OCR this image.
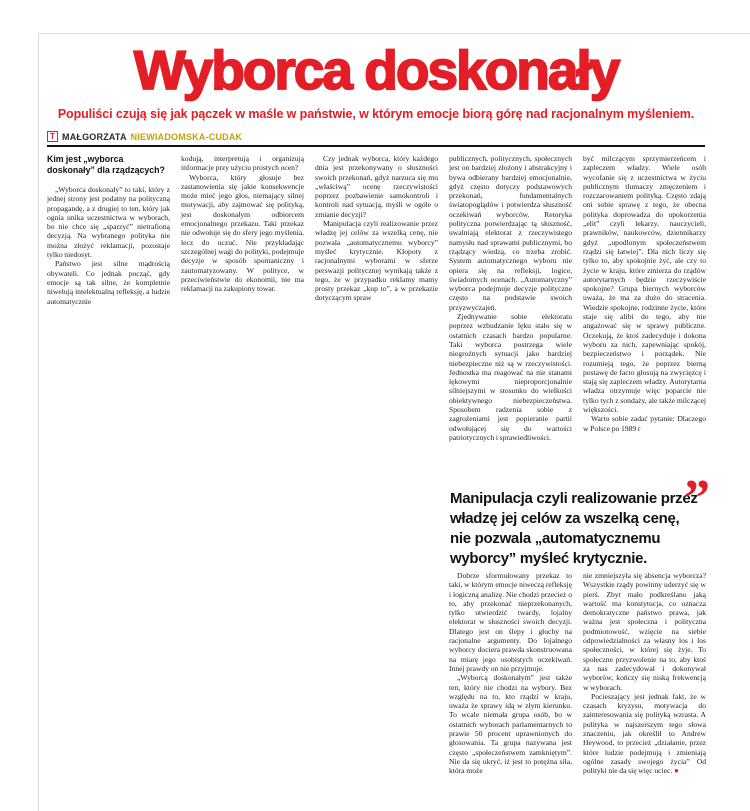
Wyborca doskonały

Populiści czują się jak pączek w maśle w państwie, w którym emocje biorą górę nad racjonalnym myśleniem.

T MAŁGORZATA NIEWIADOMSKA-CUDAK
Kim jest „wyborca doskonały” dla rządzących?

„Wyborca doskonały” to taki, który z jednej strony jest podatny na polityczną propagandę, a z drugiej to ten, który jak ognia unika uczestnictwa w wyborach, bo nie chce się „sparzyć” nietrafioną decyzją. Na wybranego polityka nie można złożyć reklamacji, pozostaje tylko niedosyt.

Państwo jest silne mądrością obywateli. Co jednak począć, gdy emocje są tak silne, że kompletnie niwelują intelektualną refleksję, a ludzie automatycznie

kodują, interpretują i organizują informacje przy użyciu prostych ocen?

Wyborca, który głosuje bez zastanowienia się jakie konsekwencje może mieć jego głos, niemający silnej motywacji, aby zajmować się polityką, jest doskonałym odbiorcem emocjonalnego przekazu. Taki przekaz nie odwołuje się do sfery jego myślenia, lecz do uczuć. Nie przykładając szczególnej wagi do polityki, podejmuje decyzje w sposób spontaniczny i zautomatyzowany. W polityce, w przeciwieństwie do ekonomii, nie ma reklamacji na zakupiony towar.

Czy jednak wyborca, który każdego dnia jest przekonywany o słuszności swoich przekonań, gdyż narzuca się mu „właściwą” ocenę rzeczywistości poprzez pozbawienie samokontroli i kontroli nad sytuacją, myśli w ogóle o zmianie decyzji?

Manipulacja czyli realizowanie przez władzę jej celów za wszelką cenę, nie pozwala „automatycznemu wyborcy” myśleć krytycznie. Kłopoty z racjonalnymi wyborami w sferze perswazji politycznej wynikają także z tego, że w przypadku reklamy mamy prosty przekaz „kup to”, a w przekazie dotyczącym spraw

publicznych, politycznych, społecznych jest on bardziej złożony i abstrakcyjny i bywa odbierany bardziej emocjonalnie, gdyż często dotyczy podstawowych przekonań, fundamentalnych światopoglądów i potwierdza słuszność oczekiwań wyborców. Retoryka polityczna potwierdzając tą słuszność, uwalniają elektorat z rzeczywistego namysłu nad sprawami publicznymi, bo rządzący wiedzą, co trzeba zrobić. System automatycznego wyboru nie opiera się na refleksji, logice, świadomych ocenach. „Automatyczny” wyborca podejmuje decyzje polityczne często na podstawie swoich przyzwyczajeń.

Zjednywanie sobie elektoratu poprzez wzbudzanie lęku stało się w ostatnich czasach bardzo popularne. Taki wyborca postrzega wiele niegroźnych sytuacji jako bardziej niebezpieczne niż są w rzeczywistości. Jednostka ma reagować na nie stanami lękowymi nieproporcjonalnie silniejszymi w stosunku do wielkości obiektywnego niebezpieczeństwa. Sposobem radzenia sobie z zagrożeniami jest popieranie partii odwołującej się do wartości patriotycznych i sprawiedliwości.

być milczącym sprzymierzeńcem i zapleczem władzy. Wiele osób wycofanie się z uczestnictwa w życiu publicznym tłumaczy zmęczeniem i rozczarowaniem polityką. Często zdają oni sobie sprawę z tego, że obecna polityka doprowadza do upokorzenia „elit” czyli lekarzy, nauczycieli, prawników, naukowców, dziennikarzy gdyż „upodlonym społeczeństwem rządzi się łatwiej”. Dla nich liczy się tylko to, aby spokojnie żyć, ale czy to życie w kraju, które zmierza do rządów autorytarnych będzie rzeczywiście spokojne? Grupa biernych wyborców uważa, że ma za dużo do stracenia. Wiedzie spokojne, rodzinne życie, które staje się alibi do tego, aby nie angażować się w sprawy publiczne. Oczekują, że ktoś zadecyduje i dokona wyboru za nich, zapewniając spokój, bezpieczeństwo i porządek. Nie rozumieją tego, że poprzez bierną postawę de facto głosują na zwycięzcę i stają się zapleczem władzy. Autorytarna władza otrzymuje więc poparcie nie tylko tych z sondaży, ale także milczącej większości.

Warto sobie zadać pytanie: Dlaczego w Polsce po 1989 r

”
Manipulacja czyli realizowanie przez władzę jej celów za wszelką cenę, nie pozwala „automatycznemu wyborcy” myśleć krytycznie.

Dobrze sformułowany przekaz to taki, w którym emocje niweczą refleksję i logiczną analizę. Nie chodzi przecież o to, aby przekonać nieprzekonanych, tylko utwierdzić twardy, lojalny elektorat w słuszności swoich decyzji. Dlatego jest on ślepy i głuchy na racjonalne argumenty. Do lojalnego wyborcy dociera prawda skonstruowana na miarę jego osobistych oczekiwań. Innej prawdy on nie przyjmuje.

„Wyborcą doskonałym” jest także ten, który nie chodzi na wybory. Bez względu na to, kto rządzi w kraju, uważa że sprawy idą w złym kierunku. To wcale niemała grupa osób, bo w ostatnich wyborach parlamentarnych to prawie 50 procent uprawnionych do głosowania. Ta grupa nazywana jest często „społeczeństwem zamkniętym”. Nie da się ukryć, iż jest to potężna siła, która może

nie zmniejszyła się absencja wyborcza? Wszystkie rządy powinny uderzyć się w pierś. Zbyt mało podkreślano jaką wartość ma konstytucja, co oznacza demokratyczne państwo prawa, jak ważna jest społeczna i polityczna podmiotowość, wzięcie na siebie odpowiedzialności za własny los i los społeczności, w której się żyje. To społeczne przyzwolenie na to, aby ktoś za nas zadecydował i dokonywał wyborów, kończy się niską frekwencją w wyborach.

Pocieszający jest jednak fakt, że w czasach kryzysu, motywacja do zainteresowania się polityką wzrasta. A polityka w najszerszym tego słowa znaczeniu, jak określił to Andrew Heywood, to przecież „działanie, przez które ludzie podejmują i zmieniają ogólne zasady swojego życia” Od polityki nie da się więc uciec. ●
